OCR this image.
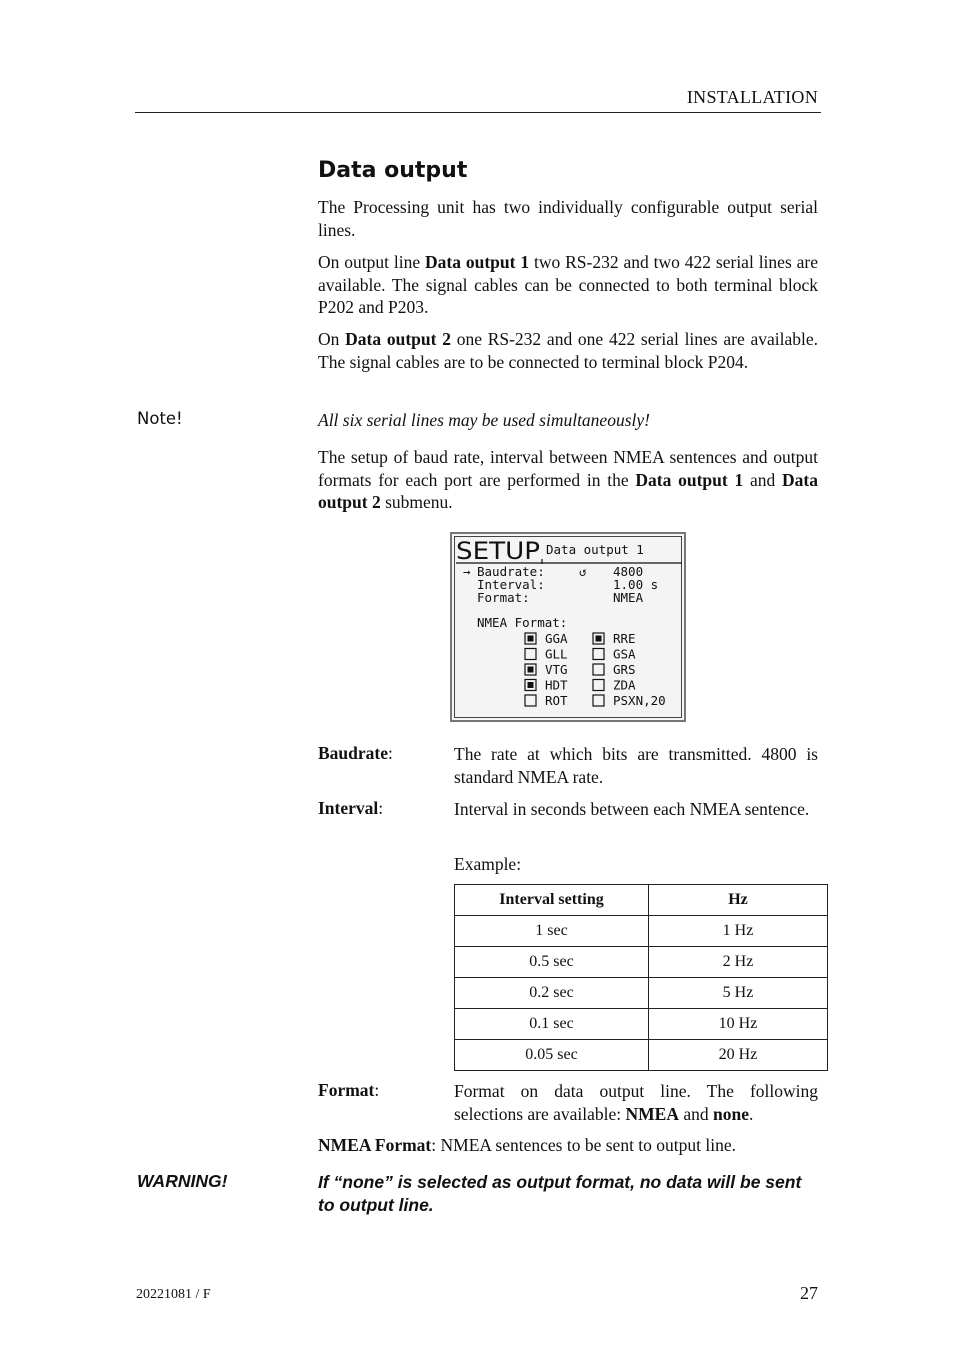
INSTALLATION
Data output
The Processing unit has two individually configurable output serial lines.
On output line Data output 1 two RS-232 and two 422 serial lines are available. The signal cables can be connected to both terminal block P202 and P203.
On Data output 2 one RS-232 and one 422 serial lines are available. The signal cables are to be connected to terminal block P204.
Note!	All six serial lines may be used simultaneously!
The setup of baud rate, interval between NMEA sentences and output formats for each port are performed in the Data output 1 and Data output 2 submenu.
SETUP Data output 1
→	↺
Baudrate:	4800
Interval:	1.00 s
Format:	NMEA
NMEA Format:
GGA
GLL
VTG
HDT
ROT
RRE
GSA
GRS
ZDA
PSXN,20
Baudrate:	The rate at which bits are transmitted. 4800 is standard NMEA rate.
Interval:	Interval in seconds between each NMEA sentence.
Example:
Interval setting	Hz
1 sec	1 Hz
0.5 sec	2 Hz
0.2 sec	5 Hz
0.1 sec	10 Hz
0.05 sec	20 Hz
Format:	Format on data output line. The following selections are available: NMEA and none.
NMEA Format: NMEA sentences to be sent to output line.
WARNING!	If “none” is selected as output format, no data will be sent to output line.
20221081 / F	27
